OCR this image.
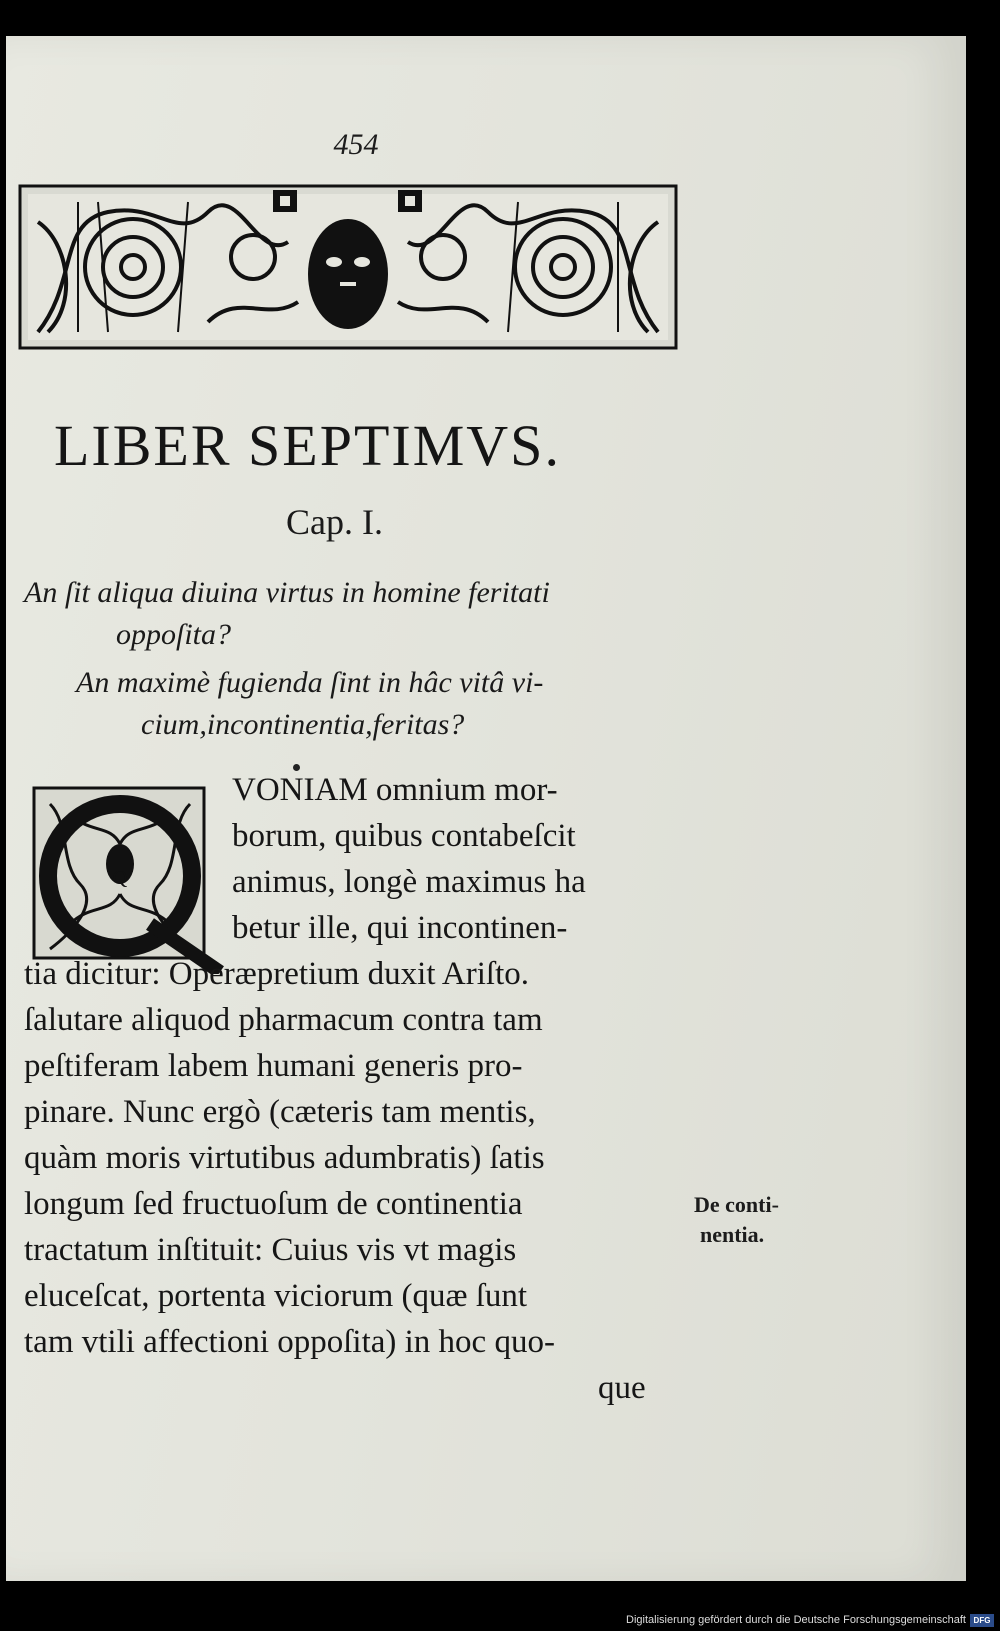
454
LIBER SEPTIMVS.
Cap. I.
An ſit aliqua diuina virtus in homine feritati
oppoſita?
An maximè fugienda ſint in hâc vitâ vi-
cium,incontinentia,feritas?
Q
VONIAM omnium mor-
borum, quibus contabeſcit
animus, longè maximus ha
betur ille, qui incontinen-
tia dicitur: Operæpretium duxit Ariſto.
ſalutare aliquod pharmacum contra tam
peſtiferam labem humani generis pro-
pinare. Nunc ergò (cæteris tam mentis,
quàm moris virtutibus adumbratis) ſatis
longum ſed fructuoſum de continentia
tractatum inſtituit: Cuius vis vt magis
eluceſcat, portenta viciorum (quæ ſunt
tam vtili affectioni oppoſita) in hoc quo-
que
De conti-
nentia.
Digitalisierung gefördert durch die Deutsche Forschungsgemeinschaft DFG
